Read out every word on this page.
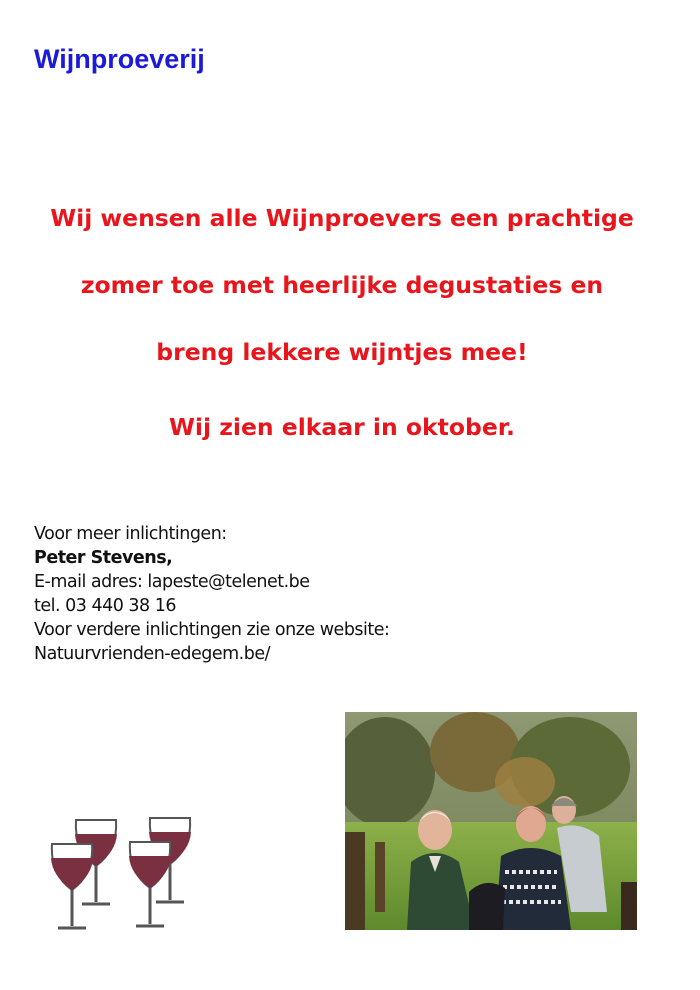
Wijnproeverij

Wij wensen alle Wijnproevers een prachtige

zomer toe met heerlijke degustaties en

breng lekkere wijntjes mee!

Wij zien elkaar in oktober.

Voor meer inlichtingen:
Peter Stevens,
E-mail adres: lapeste@telenet.be
tel. 03 440 38 16
Voor verdere inlichtingen zie onze website:
Natuurvrienden-edegem.be/
